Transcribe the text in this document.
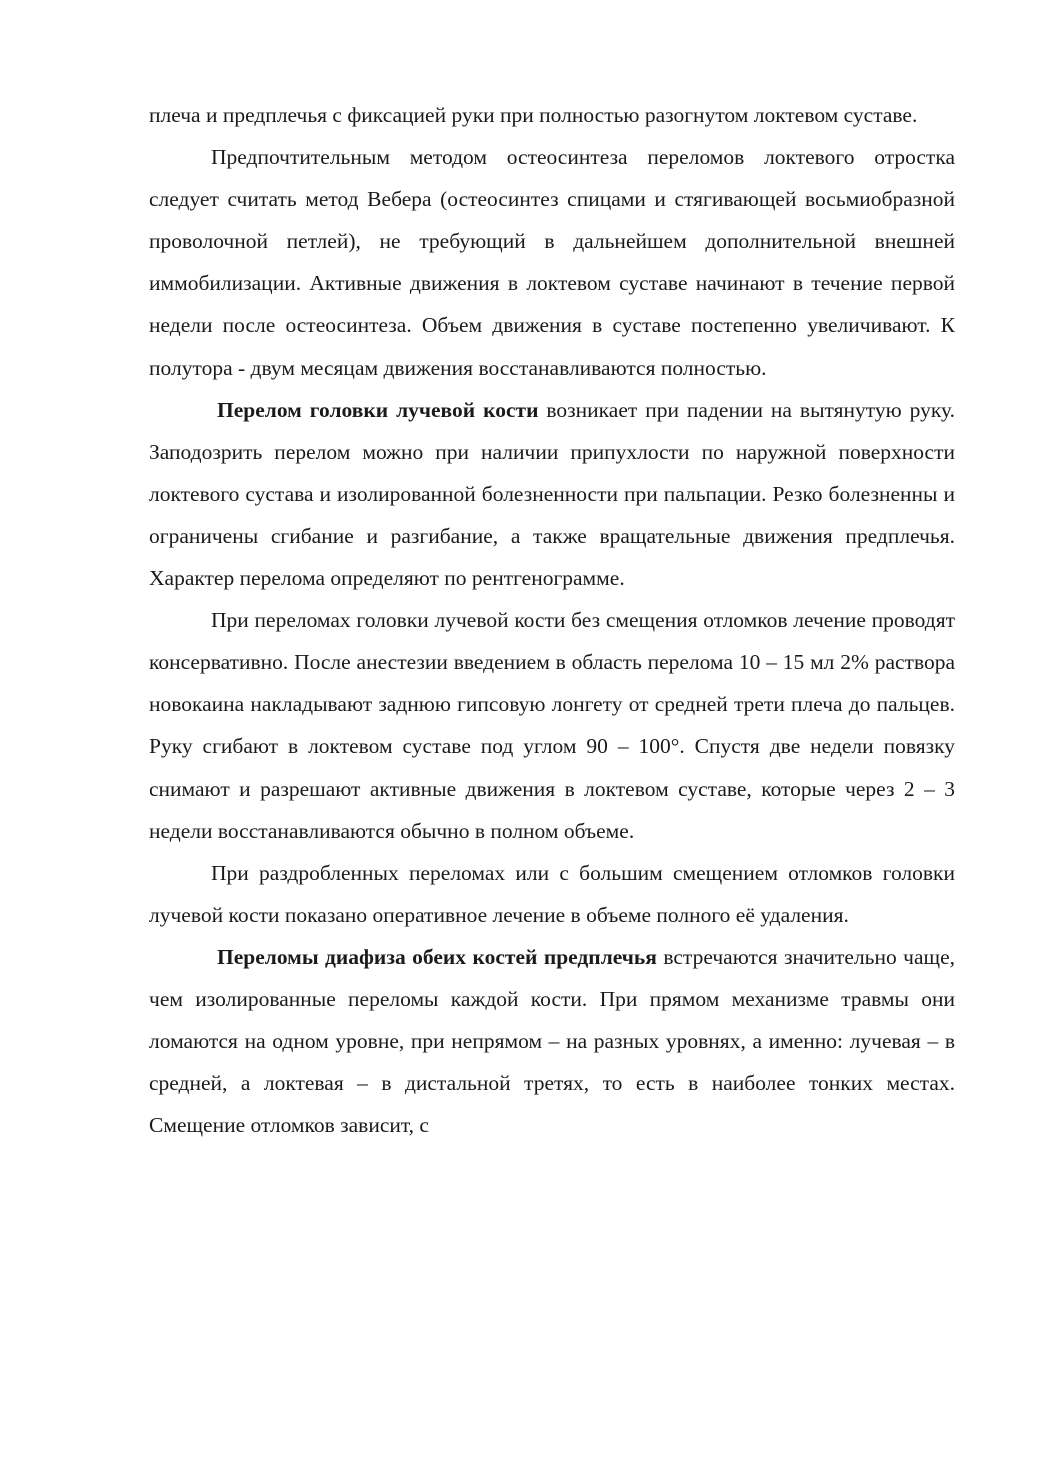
плеча и предплечья с фиксацией руки при полностью разогнутом локтевом суставе.

Предпочтительным методом остеосинтеза переломов локтевого отростка следует считать метод Вебера (остеосинтез спицами и стягивающей восьмиобразной проволочной петлей), не требующий в дальнейшем дополнительной внешней иммобилизации. Активные движения в локтевом суставе начинают в течение первой недели после остеосинтеза. Объем движения в суставе постепенно увеличивают. К полутора - двум месяцам движения восстанавливаются полностью.

Перелом головки лучевой кости возникает при падении на вытянутую руку. Заподозрить перелом можно при наличии припухлости по наружной поверхности локтевого сустава и изолированной болезненности при пальпации. Резко болезненны и ограничены сгибание и разгибание, а также вращательные движения предплечья. Характер перелома определяют по рентгенограмме.

При переломах головки лучевой кости без смещения отломков лечение проводят консервативно. После анестезии введением в область перелома 10 – 15 мл 2% раствора новокаина накладывают заднюю гипсовую лонгету от средней трети плеча до пальцев. Руку сгибают в локтевом суставе под углом 90 – 100°. Спустя две недели повязку снимают и разрешают активные движения в локтевом суставе, которые через 2 – 3 недели восстанавливаются обычно в полном объеме.

При раздробленных переломах или с большим смещением отломков головки лучевой кости показано оперативное лечение в объеме полного её удаления.

Переломы диафиза обеих костей предплечья встречаются значительно чаще, чем изолированные переломы каждой кости. При прямом механизме травмы они ломаются на одном уровне, при непрямом – на разных уровнях, а именно: лучевая – в средней, а локтевая – в дистальной третях, то есть в наиболее тонких местах. Смещение отломков зависит, с
